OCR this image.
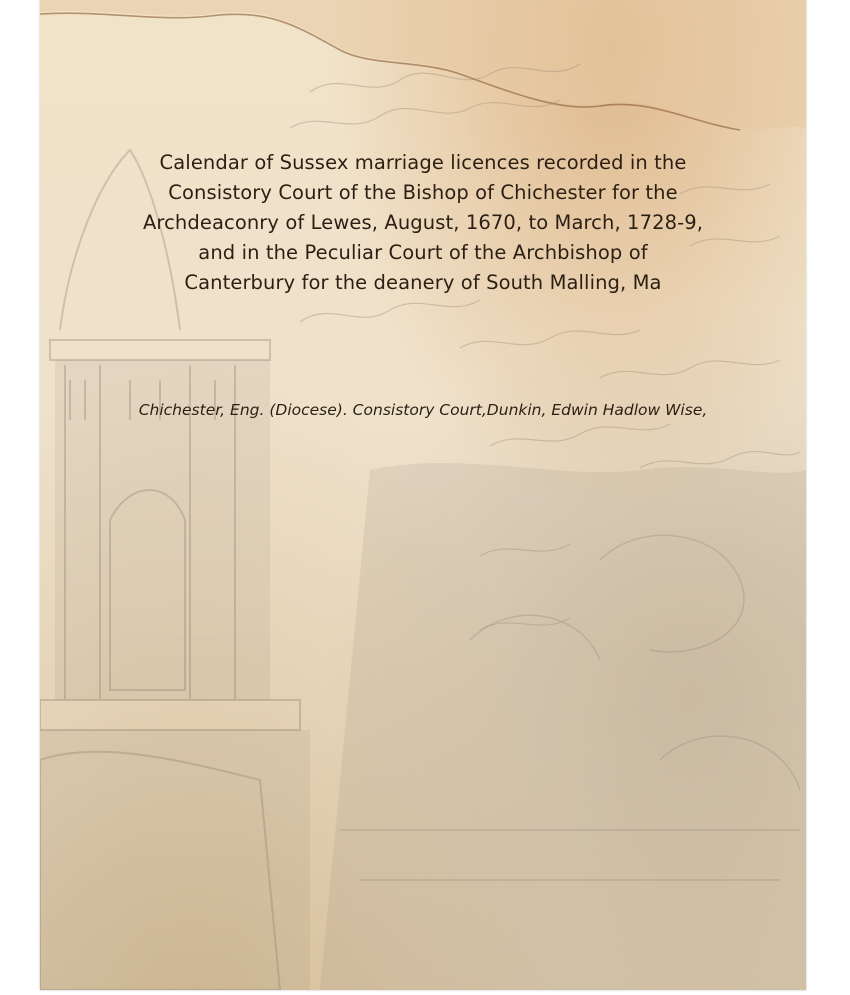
Calendar of Sussex marriage licences recorded in the Consistory Court of the Bishop of Chichester for the Archdeaconry of Lewes, August, 1670, to March, 1728-9, and in the Peculiar Court of the Archbishop of Canterbury for the deanery of South Malling, Ma
Chichester, Eng. (Diocese). Consistory Court,Dunkin, Edwin Hadlow Wise,
